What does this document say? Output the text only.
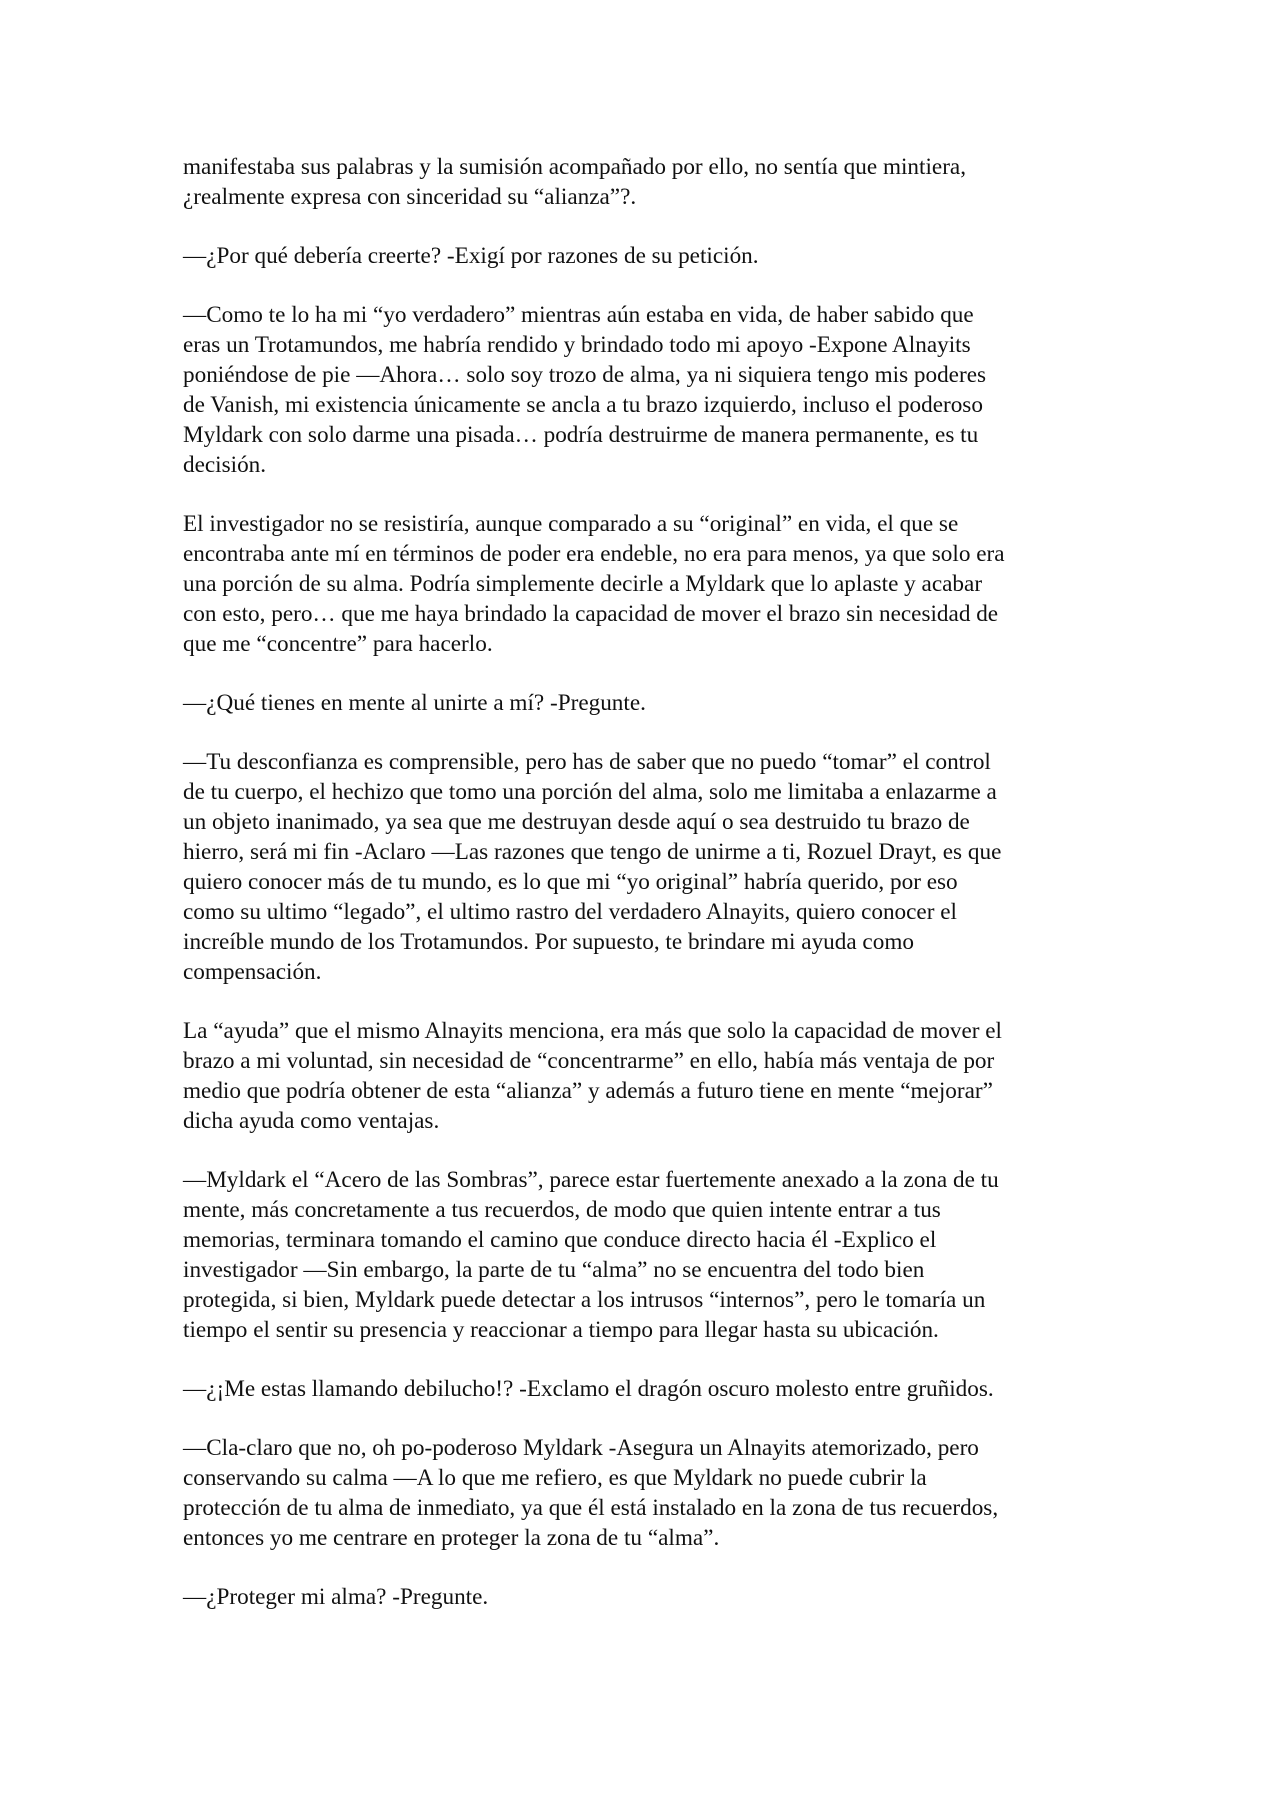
manifestaba sus palabras y la sumisión acompañado por ello, no sentía que mintiera,
¿realmente expresa con sinceridad su “alianza”?.

—¿Por qué debería creerte? -Exigí por razones de su petición.

—Como te lo ha mi “yo verdadero” mientras aún estaba en vida, de haber sabido que
eras un Trotamundos, me habría rendido y brindado todo mi apoyo -Expone Alnayits
poniéndose de pie —Ahora… solo soy trozo de alma, ya ni siquiera tengo mis poderes
de Vanish, mi existencia únicamente se ancla a tu brazo izquierdo, incluso el poderoso
Myldark con solo darme una pisada… podría destruirme de manera permanente, es tu
decisión.

El investigador no se resistiría, aunque comparado a su “original” en vida, el que se
encontraba ante mí en términos de poder era endeble, no era para menos, ya que solo era
una porción de su alma. Podría simplemente decirle a Myldark que lo aplaste y acabar
con esto, pero… que me haya brindado la capacidad de mover el brazo sin necesidad de
que me “concentre” para hacerlo.

—¿Qué tienes en mente al unirte a mí? -Pregunte.

—Tu desconfianza es comprensible, pero has de saber que no puedo “tomar” el control
de tu cuerpo, el hechizo que tomo una porción del alma, solo me limitaba a enlazarme a
un objeto inanimado, ya sea que me destruyan desde aquí o sea destruido tu brazo de
hierro, será mi fin -Aclaro —Las razones que tengo de unirme a ti, Rozuel Drayt, es que
quiero conocer más de tu mundo, es lo que mi “yo original” habría querido, por eso
como su ultimo “legado”, el ultimo rastro del verdadero Alnayits, quiero conocer el
increíble mundo de los Trotamundos. Por supuesto, te brindare mi ayuda como
compensación.

La “ayuda” que el mismo Alnayits menciona, era más que solo la capacidad de mover el
brazo a mi voluntad, sin necesidad de “concentrarme” en ello, había más ventaja de por
medio que podría obtener de esta “alianza” y además a futuro tiene en mente “mejorar”
dicha ayuda como ventajas.

—Myldark el “Acero de las Sombras”, parece estar fuertemente anexado a la zona de tu
mente, más concretamente a tus recuerdos, de modo que quien intente entrar a tus
memorias, terminara tomando el camino que conduce directo hacia él -Explico el
investigador —Sin embargo, la parte de tu “alma” no se encuentra del todo bien
protegida, si bien, Myldark puede detectar a los intrusos “internos”, pero le tomaría un
tiempo el sentir su presencia y reaccionar a tiempo para llegar hasta su ubicación.

—¿¡Me estas llamando debilucho!? -Exclamo el dragón oscuro molesto entre gruñidos.

—Cla-claro que no, oh po-poderoso Myldark -Asegura un Alnayits atemorizado, pero
conservando su calma —A lo que me refiero, es que Myldark no puede cubrir la
protección de tu alma de inmediato, ya que él está instalado en la zona de tus recuerdos,
entonces yo me centrare en proteger la zona de tu “alma”.

—¿Proteger mi alma? -Pregunte.
